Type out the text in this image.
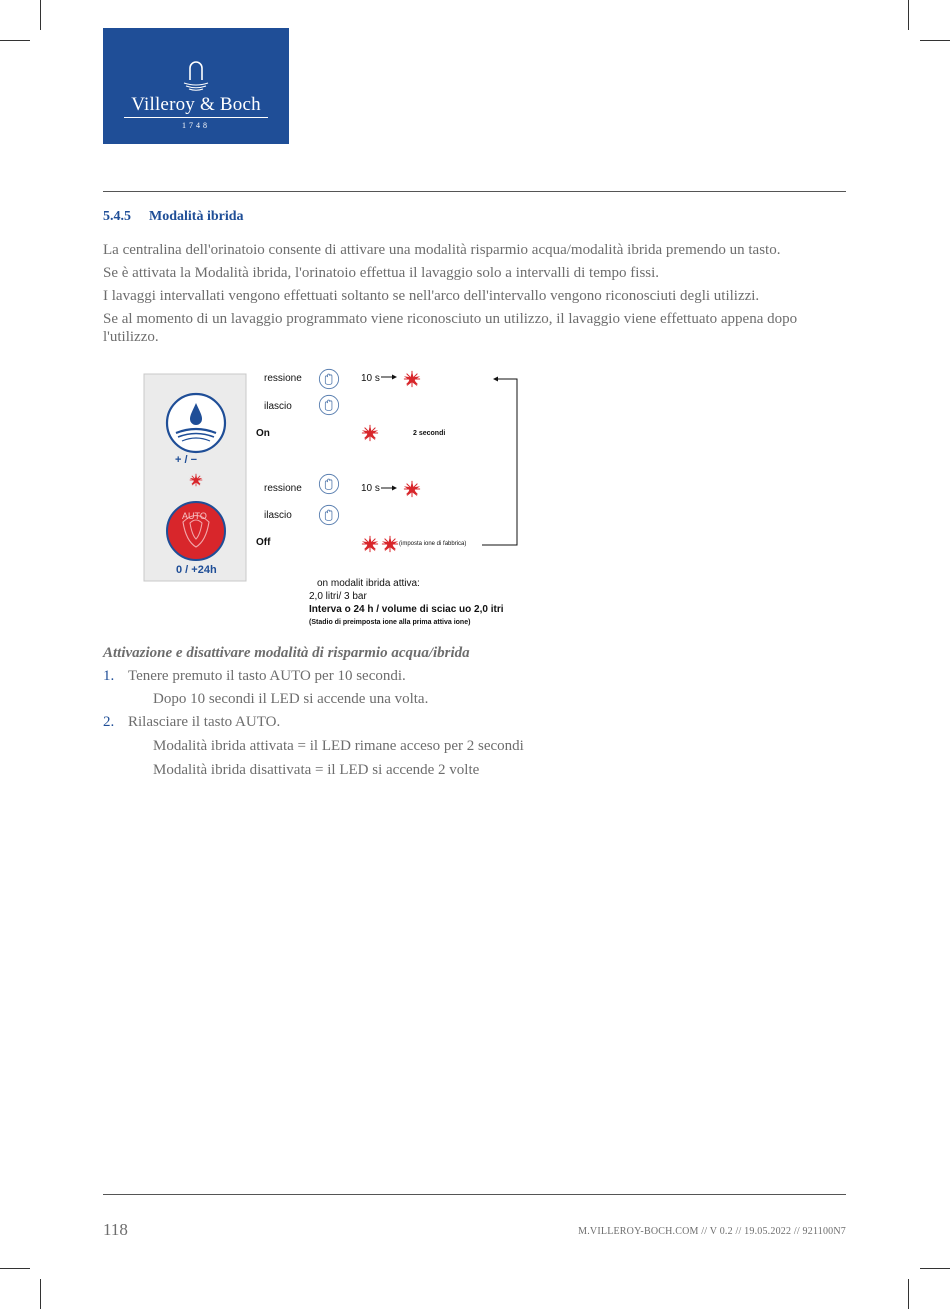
Villeroy & Boch
1748
5.4.5 Modalità ibrida
La centralina dell'orinatoio consente di attivare una modalità risparmio acqua/modalità ibrida premendo un tasto.
Se è attivata la Modalità ibrida, l'orinatoio effettua il lavaggio solo a intervalli di tempo fissi.
I lavaggi intervallati vengono effettuati soltanto se nell'arco dell'intervallo vengono riconosciuti degli utilizzi.
Se al momento di un lavaggio programmato viene riconosciuto un utilizzo, il lavaggio viene effettuato appena dopo l'utilizzo.
+ / −
AUTO
0 / +24h
ressione
ilascio
On
10 s
2 secondi
ressione
ilascio
Off
10 s
(imposta ione di fabbrica)
on modalit ibrida attiva:
2,0 litri/ 3 bar
Interva o 24 h / volume di sciac uo 2,0 itri
(Stadio di preimposta ione alla prima attiva ione)
Attivazione e disattivare modalità di risparmio acqua/ibrida
1. Tenere premuto il tasto AUTO per 10 secondi.
Dopo 10 secondi il LED si accende una volta.
2. Rilasciare il tasto AUTO.
Modalità ibrida attivata = il LED rimane acceso per 2 secondi
Modalità ibrida disattivata = il LED si accende 2 volte
118	M.VILLEROY-BOCH.COM // V 0.2 // 19.05.2022 // 921100N7
